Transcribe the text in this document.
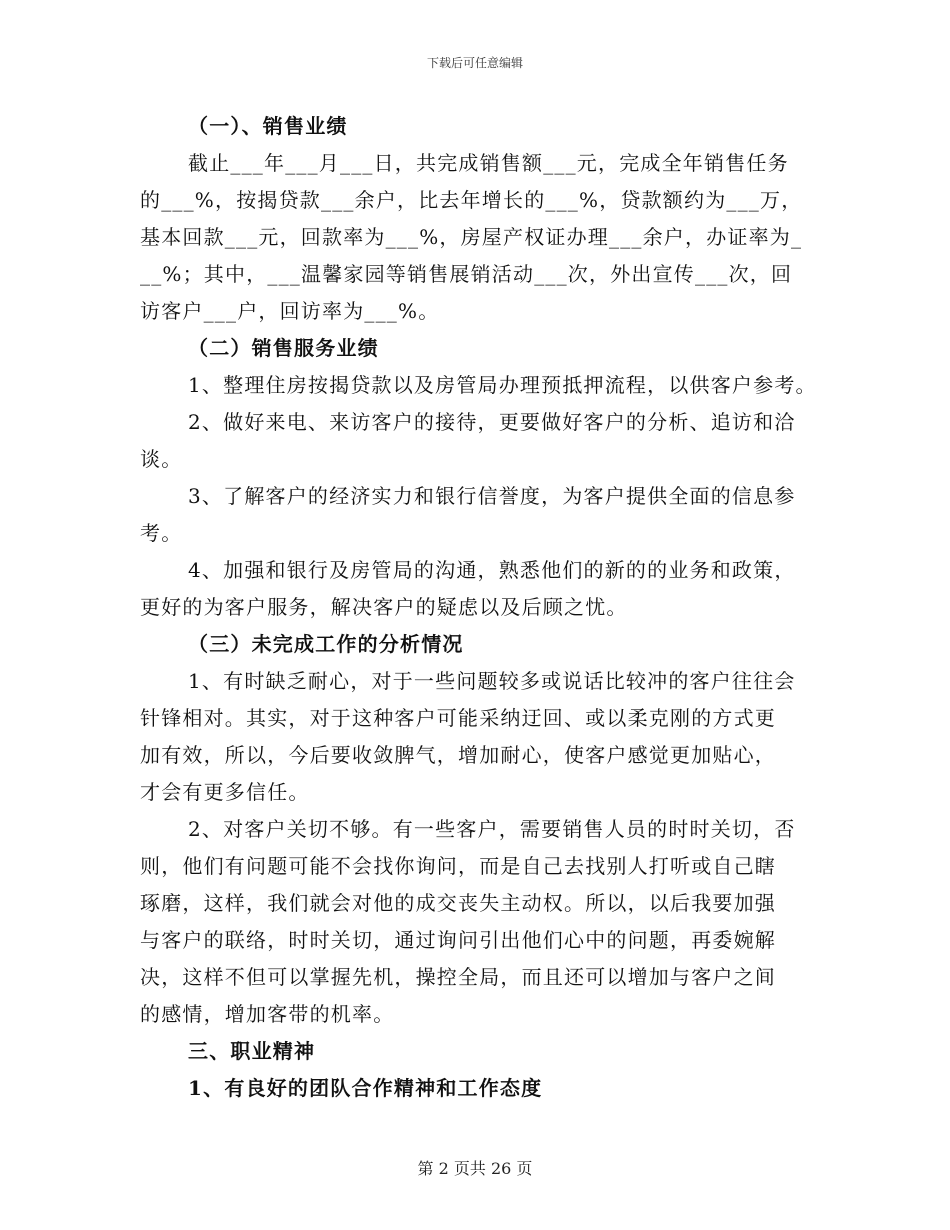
下载后可任意编辑
（一）、销售业绩
截止___年___月___日，共完成销售额___元，完成全年销售任务
的___%，按揭贷款___余户，比去年增长的___%，贷款额约为___万，
基本回款___元，回款率为___%，房屋产权证办理___余户，办证率为_
__%；其中，___温馨家园等销售展销活动___次，外出宣传___次，回
访客户___户，回访率为___%。
（二）销售服务业绩
1、整理住房按揭贷款以及房管局办理预抵押流程，以供客户参考。
2、做好来电、来访客户的接待，更要做好客户的分析、追访和洽
谈。
3、了解客户的经济实力和银行信誉度，为客户提供全面的信息参
考。
4、加强和银行及房管局的沟通，熟悉他们的新的的业务和政策，
更好的为客户服务，解决客户的疑虑以及后顾之忧。
（三）未完成工作的分析情况
1、有时缺乏耐心，对于一些问题较多或说话比较冲的客户往往会
针锋相对。其实，对于这种客户可能采纳迂回、或以柔克刚的方式更
加有效，所以，今后要收敛脾气，增加耐心，使客户感觉更加贴心，
才会有更多信任。
2、对客户关切不够。有一些客户，需要销售人员的时时关切，否
则，他们有问题可能不会找你询问，而是自己去找别人打听或自己瞎
琢磨，这样，我们就会对他的成交丧失主动权。所以，以后我要加强
与客户的联络，时时关切，通过询问引出他们心中的问题，再委婉解
决，这样不但可以掌握先机，操控全局，而且还可以增加与客户之间
的感情，增加客带的机率。
三、职业精神
1、有良好的团队合作精神和工作态度
第 2 页共 26 页
